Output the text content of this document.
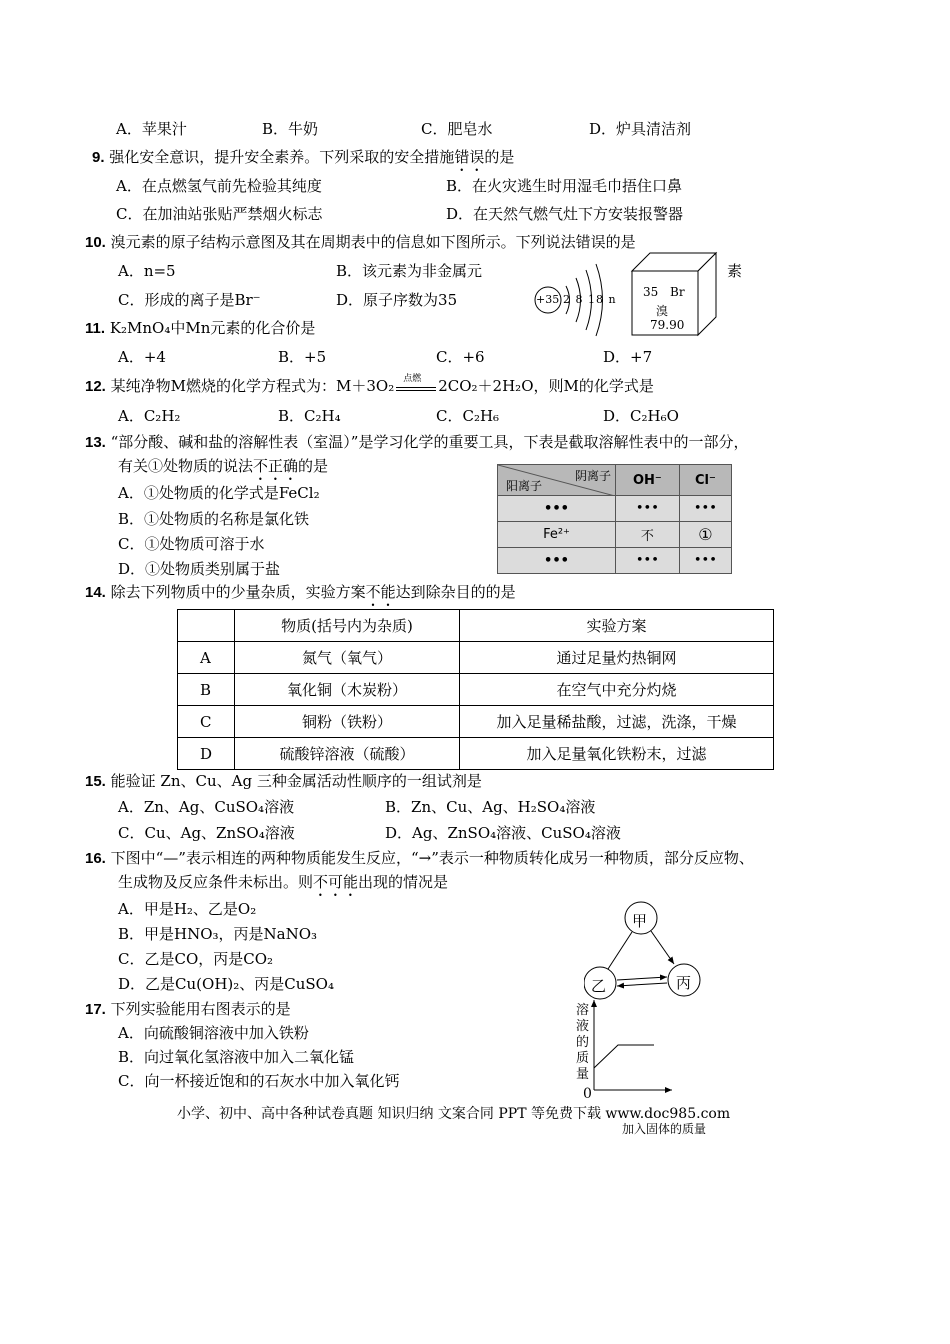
A．苹果汁	B．牛奶	C．肥皂水	D．炉具清洁剂
9. 强化安全意识，提升安全素养。下列采取的安全措施错误的是
A．在点燃氢气前先检验其纯度	B．在火灾逃生时用湿毛巾捂住口鼻
C．在加油站张贴严禁烟火标志	D．在天然气燃气灶下方安装报警器
10. 溴元素的原子结构示意图及其在周期表中的信息如下图所示。下列说法错误的是
A．n=5	B．该元素为非金属元	素
C．形成的离子是Br⁻	D．原子序数为35	+35 2 8 18 n
35 Br
溴
79.90
11. K₂MnO₄中Mn元素的化合价是
A．+4	B．+5	C．+6	D．+7
12. 某纯净物M燃烧的化学方程式为：M＋3O₂ 点燃 2CO₂＋2H₂O，则M的化学式是
A．C₂H₂	B．C₂H₄	C．C₂H₆	D．C₂H₆O
13. “部分酸、碱和盐的溶解性表（室温）”是学习化学的重要工具，下表是截取溶解性表中的一部分，
有关①处物质的说法不正确的是
A．①处物质的化学式是FeCl₂
B．①处物质的名称是氯化铁
C．①处物质可溶于水
D．①处物质类别属于盐
阴离子
阳离子	OH⁻	Cl⁻
•••	•••	•••
Fe²⁺	不	①
•••	•••	•••
14. 除去下列物质中的少量杂质，实验方案不能达到除杂目的的是
	物质(括号内为杂质)	实验方案
A	氮气（氧气）	通过足量灼热铜网
B	氧化铜（木炭粉）	在空气中充分灼烧
C	铜粉（铁粉）	加入足量稀盐酸，过滤，洗涤，干燥
D	硫酸锌溶液（硫酸）	加入足量氧化铁粉末，过滤
15. 能验证 Zn、Cu、Ag 三种金属活动性顺序的一组试剂是
A．Zn、Ag、CuSO₄溶液	B．Zn、Cu、Ag、H₂SO₄溶液
C．Cu、Ag、ZnSO₄溶液	D．Ag、ZnSO₄溶液、CuSO₄溶液
16. 下图中“—”表示相连的两种物质能发生反应，“→”表示一种物质转化成另一种物质，部分反应物、
生成物及反应条件未标出。则不可能出现的情况是
A．甲是H₂、乙是O₂
B．甲是HNO₃，丙是NaNO₃
C．乙是CO，丙是CO₂
D．乙是Cu(OH)₂、丙是CuSO₄
甲
乙	丙
17. 下列实验能用右图表示的是
A．向硫酸铜溶液中加入铁粉
B．向过氧化氢溶液中加入二氧化锰
C．向一杯接近饱和的石灰水中加入氧化钙
溶液的质量
0
加入固体的质量
小学、初中、高中各种试卷真题 知识归纳 文案合同 PPT 等免费下载 www.doc985.com
